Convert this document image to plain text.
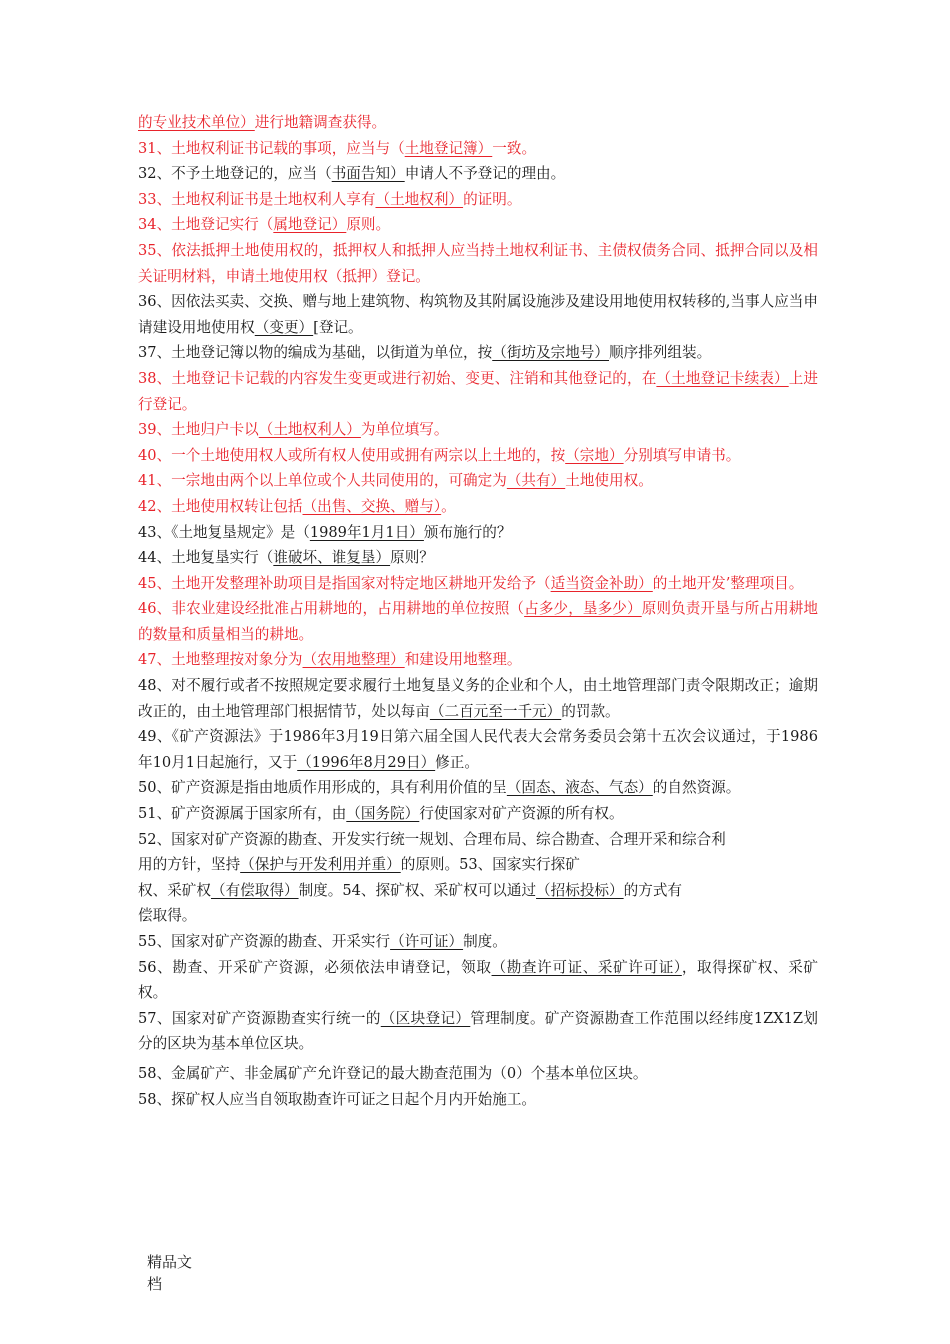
的专业技术单位）进行地籍调查获得。

31、土地权利证书记载的事项，应当与（土地登记簿）一致。

32、不予土地登记的，应当（书面告知）申请人不予登记的理由。

33、土地权利证书是土地权利人享有（土地权利）的证明。

34、土地登记实行（属地登记）原则。

35、依法抵押土地使用权的，抵押权人和抵押人应当持土地权利证书、主债权债务合同、抵押合同以及相关证明材料，申请土地使用权（抵押）登记。

36、因依法买卖、交换、赠与地上建筑物、构筑物及其附属设施涉及建设用地使用权转移的,当事人应当申请建设用地使用权（变更）[登记。

37、土地登记簿以物的编成为基础，以街道为单位，按（街坊及宗地号）顺序排列组装。

38、土地登记卡记载的内容发生变更或进行初始、变更、注销和其他登记的，在（土地登记卡续表）上进行登记。

39、土地归户卡以（土地权利人）为单位填写。

40、一个土地使用权人或所有权人使用或拥有两宗以上土地的，按（宗地）分别填写申请书。

41、一宗地由两个以上单位或个人共同使用的，可确定为（共有）土地使用权。

42、土地使用权转让包括（出售、交换、赠与）。

43、《土地复垦规定》是（1989年1月1日）颁布施行的？

44、土地复垦实行（谁破坏、谁复垦）原则？

45、土地开发整理补助项目是指国家对特定地区耕地开发给予（适当资金补助）的土地开发’整理项目。

46、非农业建设经批准占用耕地的，占用耕地的单位按照（占多少，垦多少）原则负责开垦与所占用耕地的数量和质量相当的耕地。

47、土地整理按对象分为（农用地整理）和建设用地整理。

48、对不履行或者不按照规定要求履行土地复垦义务的企业和个人，由土地管理部门责令限期改正；逾期改正的，由土地管理部门根据情节，处以每亩（二百元至一千元）的罚款。

49、《矿产资源法》于1986年3月19日第六届全国人民代表大会常务委员会第十五次会议通过，于1986年10月1日起施行，又于（1996年8月29日）修正。

50、矿产资源是指由地质作用形成的，具有利用价值的呈（固态、液态、气态）的自然资源。

51、矿产资源属于国家所有，由（国务院）行使国家对矿产资源的所有权。

52、国家对矿产资源的勘查、开发实行统一规划、合理布局、综合勘查、合理开采和综合利

用的方针，坚持（保护与开发利用并重）的原则。53、国家实行探矿

权、采矿权（有偿取得）制度。54、探矿权、采矿权可以通过（招标投标）的方式有

偿取得。

55、国家对矿产资源的勘查、开采实行（许可证）制度。

56、勘查、开采矿产资源，必须依法申请登记，领取（勘查许可证、采矿许可证），取得探矿权、采矿权。

57、国家对矿产资源勘查实行统一的（区块登记）管理制度。矿产资源勘查工作范围以经纬度1ZX1Z划分的区块为基本单位区块。

58、金属矿产、非金属矿产允许登记的最大勘查范围为（0）个基本单位区块。

58、探矿权人应当自领取勘查许可证之日起个月内开始施工。

精品文
档
